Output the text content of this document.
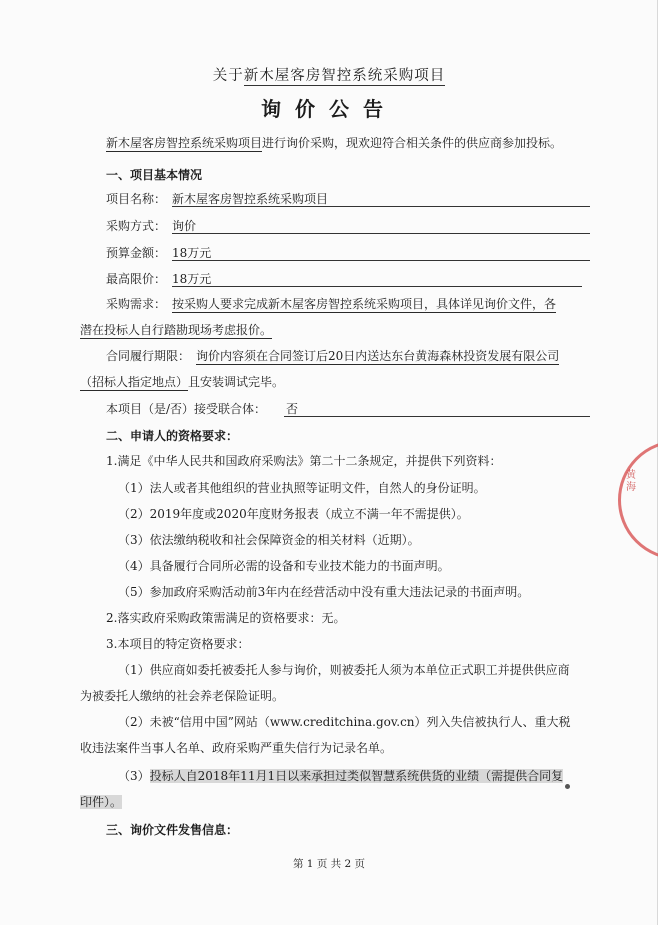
关于新木屋客房智控系统采购项目
询价公告
新木屋客房智控系统采购项目进行询价采购，现欢迎符合相关条件的供应商参加投标。
一、项目基本情况
项目名称： 新木屋客房智控系统采购项目
采购方式： 询价
预算金额： 18万元
最高限价： 18万元
采购需求： 按采购人要求完成新木屋客房智控系统采购项目，具体详见询价文件，各
潜在投标人自行踏勘现场考虑报价。
合同履行期限： 询价内容须在合同签订后20日内送达东台黄海森林投资发展有限公司
（招标人指定地点）且安装调试完毕。
本项目（是/否）接受联合体： 否
二、申请人的资格要求：
1.满足《中华人民共和国政府采购法》第二十二条规定，并提供下列资料：
（1）法人或者其他组织的营业执照等证明文件，自然人的身份证明。
（2）2019年度或2020年度财务报表（成立不满一年不需提供）。
（3）依法缴纳税收和社会保障资金的相关材料（近期）。
（4）具备履行合同所必需的设备和专业技术能力的书面声明。
（5）参加政府采购活动前3年内在经营活动中没有重大违法记录的书面声明。
2.落实政府采购政策需满足的资格要求：无。
3.本项目的特定资格要求：
（1）供应商如委托被委托人参与询价，则被委托人须为本单位正式职工并提供供应商
为被委托人缴纳的社会养老保险证明。
（2）未被“信用中国”网站（www.creditchina.gov.cn）列入失信被执行人、重大税
收违法案件当事人名单、政府采购严重失信行为记录名单。
（3）投标人自2018年11月1日以来承担过类似智慧系统供货的业绩（需提供合同复
印件）。
三、询价文件发售信息：
第 1 页 共 2 页
黄海
